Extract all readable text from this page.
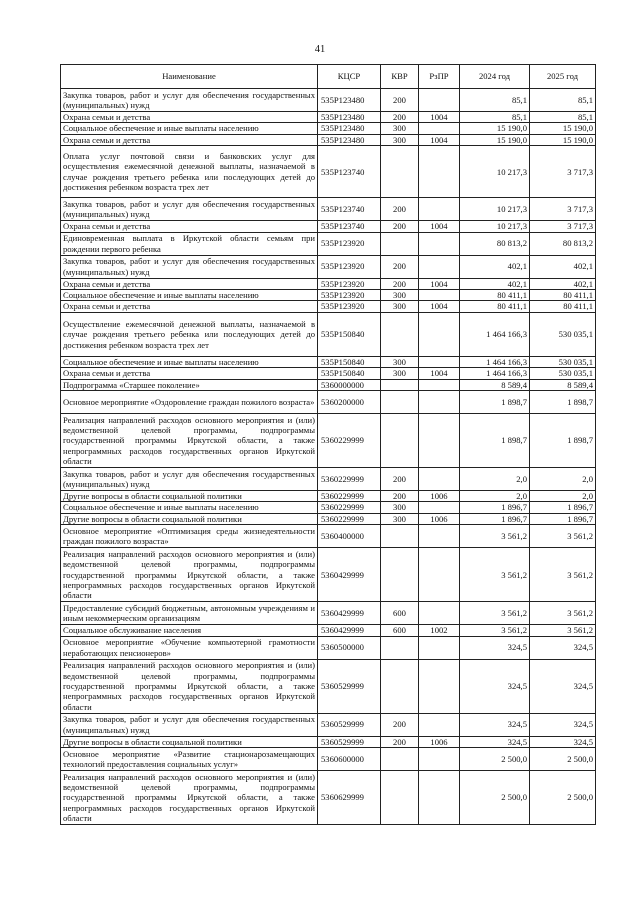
41
Наименование	КЦСР	КВР	РзПР	2024 год	2025 год
Закупка товаров, работ и услуг для обеспечения государственных (муниципальных) нужд	535P123480	200		85,1	85,1
Охрана семьи и детства	535P123480	200	1004	85,1	85,1
Социальное обеспечение и иные выплаты населению	535P123480	300		15 190,0	15 190,0
Охрана семьи и детства	535P123480	300	1004	15 190,0	15 190,0
Оплата услуг почтовой связи и банковских услуг для осуществления ежемесячной денежной выплаты, назначаемой в случае рождения третьего ребенка или последующих детей до достижения ребенком возраста трех лет	535P123740			10 217,3	3 717,3
Закупка товаров, работ и услуг для обеспечения государственных (муниципальных) нужд	535P123740	200		10 217,3	3 717,3
Охрана семьи и детства	535P123740	200	1004	10 217,3	3 717,3
Единовременная выплата в Иркутской области семьям при рождении первого ребенка	535P123920			80 813,2	80 813,2
Закупка товаров, работ и услуг для обеспечения государственных (муниципальных) нужд	535P123920	200		402,1	402,1
Охрана семьи и детства	535P123920	200	1004	402,1	402,1
Социальное обеспечение и иные выплаты населению	535P123920	300		80 411,1	80 411,1
Охрана семьи и детства	535P123920	300	1004	80 411,1	80 411,1
Осуществление ежемесячной денежной выплаты, назначаемой в случае рождения третьего ребенка или последующих детей до достижения ребенком возраста трех лет	535P150840			1 464 166,3	530 035,1
Социальное обеспечение и иные выплаты населению	535P150840	300		1 464 166,3	530 035,1
Охрана семьи и детства	535P150840	300	1004	1 464 166,3	530 035,1
Подпрограмма «Старшее поколение»	5360000000			8 589,4	8 589,4
Основное мероприятие «Оздоровление граждан пожилого возраста»	5360200000			1 898,7	1 898,7
Реализация направлений расходов основного мероприятия и (или) ведомственной целевой программы, подпрограммы государственной программы Иркутской области, а также непрограммных расходов государственных органов Иркутской области	5360229999			1 898,7	1 898,7
Закупка товаров, работ и услуг для обеспечения государственных (муниципальных) нужд	5360229999	200		2,0	2,0
Другие вопросы в области социальной политики	5360229999	200	1006	2,0	2,0
Социальное обеспечение и иные выплаты населению	5360229999	300		1 896,7	1 896,7
Другие вопросы в области социальной политики	5360229999	300	1006	1 896,7	1 896,7
Основное мероприятие «Оптимизация среды жизнедеятельности граждан пожилого возраста»	5360400000			3 561,2	3 561,2
Реализация направлений расходов основного мероприятия и (или) ведомственной целевой программы, подпрограммы государственной программы Иркутской области, а также непрограммных расходов государственных органов Иркутской области	5360429999			3 561,2	3 561,2
Предоставление субсидий бюджетным, автономным учреждениям и иным некоммерческим организациям	5360429999	600		3 561,2	3 561,2
Социальное обслуживание населения	5360429999	600	1002	3 561,2	3 561,2
Основное мероприятие «Обучение компьютерной грамотности неработающих пенсионеров»	5360500000			324,5	324,5
Реализация направлений расходов основного мероприятия и (или) ведомственной целевой программы, подпрограммы государственной программы Иркутской области, а также непрограммных расходов государственных органов Иркутской области	5360529999			324,5	324,5
Закупка товаров, работ и услуг для обеспечения государственных (муниципальных) нужд	5360529999	200		324,5	324,5
Другие вопросы в области социальной политики	5360529999	200	1006	324,5	324,5
Основное мероприятие «Развитие стационарозамещающих технологий предоставления социальных услуг»	5360600000			2 500,0	2 500,0
Реализация направлений расходов основного мероприятия и (или) ведомственной целевой программы, подпрограммы государственной программы Иркутской области, а также непрограммных расходов государственных органов Иркутской области	5360629999			2 500,0	2 500,0
